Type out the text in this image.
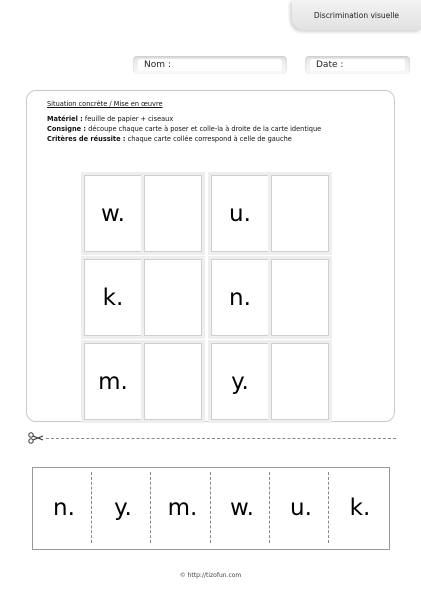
Discrimination visuelle
Nom :	Date :
Situation concrète / Mise en œuvre
Matériel : feuille de papier + ciseaux
Consigne : découpe chaque carte à poser et colle-la à droite de la carte identique
Critères de réussite : chaque carte collée correspond à celle de gauche
w.	u.
k.	n.
m.	y.
n. y. m. w. u. k.
© http://tizofun.com
